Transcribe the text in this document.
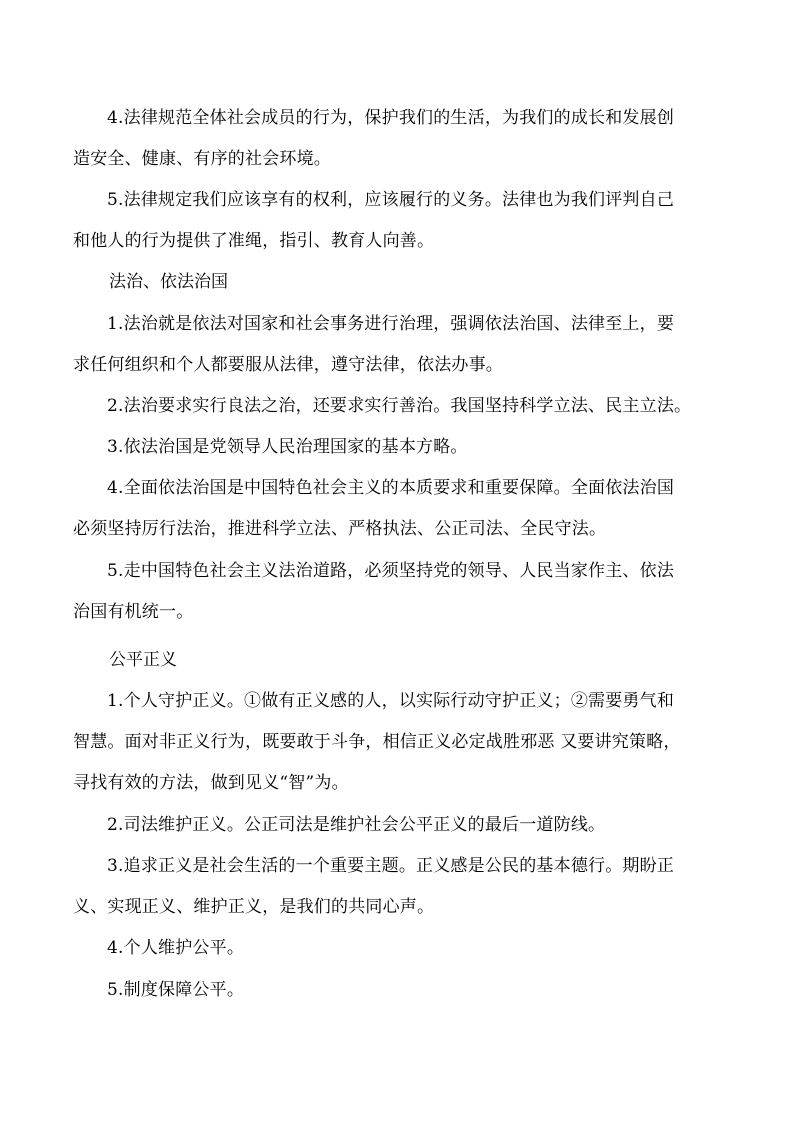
4.法律规范全体社会成员的行为，保护我们的生活，为我们的成长和发展创
造安全、健康、有序的社会环境。
5.法律规定我们应该享有的权利，应该履行的义务。法律也为我们评判自己
和他人的行为提供了准绳，指引、教育人向善。
法治、依法治国
1.法治就是依法对国家和社会事务进行治理，强调依法治国、法律至上，要
求任何组织和个人都要服从法律，遵守法律，依法办事。
2.法治要求实行良法之治，还要求实行善治。我国坚持科学立法、民主立法。
3.依法治国是党领导人民治理国家的基本方略。
4.全面依法治国是中国特色社会主义的本质要求和重要保障。全面依法治国
必须坚持厉行法治，推进科学立法、严格执法、公正司法、全民守法。
5.走中国特色社会主义法治道路，必须坚持党的领导、人民当家作主、依法
治国有机统一。
公平正义
1.个人守护正义。①做有正义感的人，以实际行动守护正义；②需要勇气和
智慧。面对非正义行为，既要敢于斗争，相信正义必定战胜邪恶 又要讲究策略，
寻找有效的方法，做到见义“智”为。
2.司法维护正义。公正司法是维护社会公平正义的最后一道防线。
3.追求正义是社会生活的一个重要主题。正义感是公民的基本德行。期盼正
义、实现正义、维护正义，是我们的共同心声。
4.个人维护公平。
5.制度保障公平。
